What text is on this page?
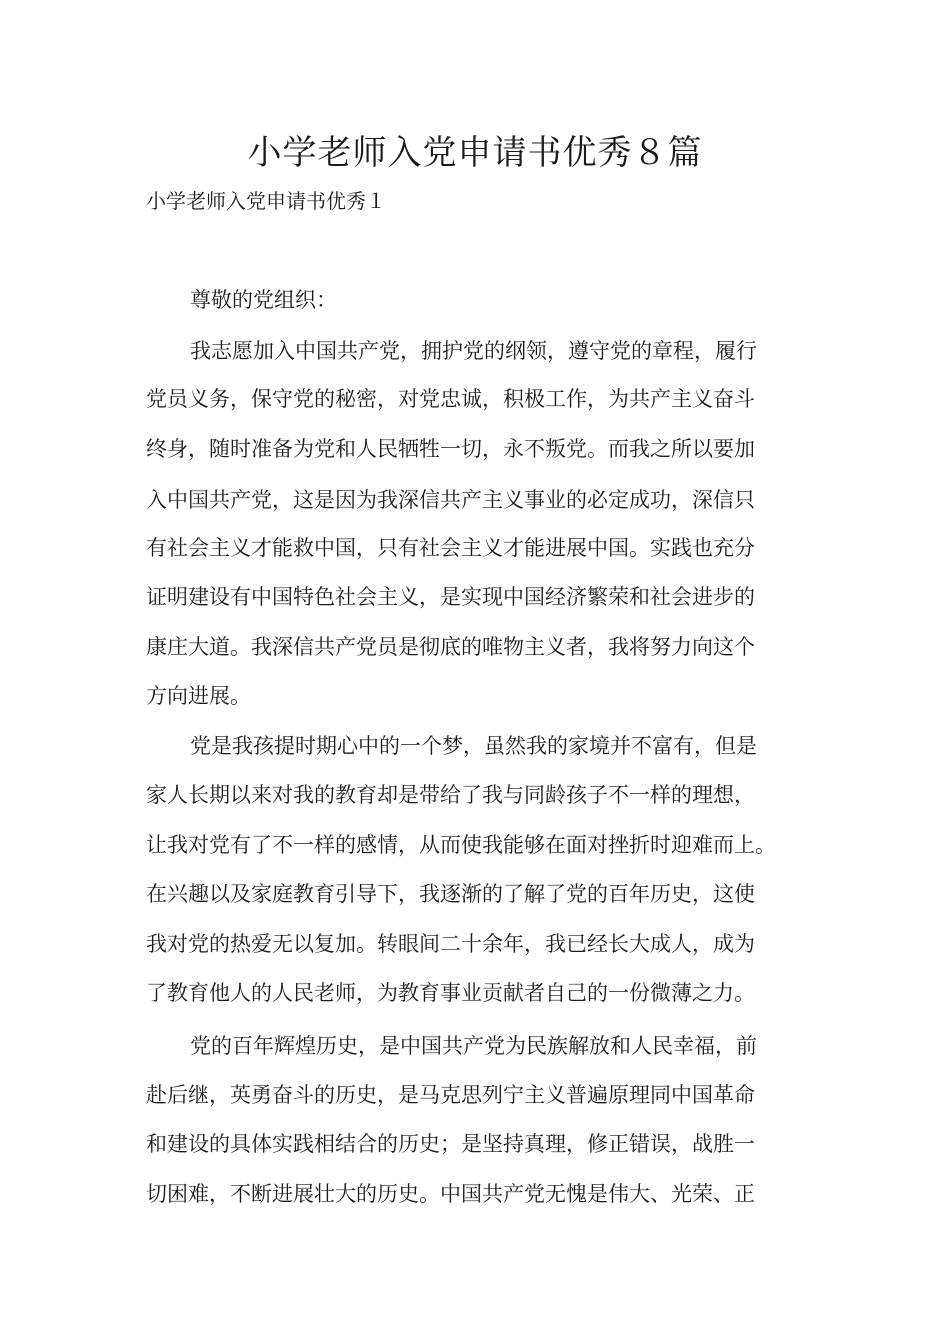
小学老师入党申请书优秀８篇

小学老师入党申请书优秀１

尊敬的党组织：

我志愿加入中国共产党，拥护党的纲领，遵守党的章程，履行

党员义务，保守党的秘密，对党忠诚，积极工作，为共产主义奋斗

终身，随时准备为党和人民牺牲一切，永不叛党。而我之所以要加

入中国共产党，这是因为我深信共产主义事业的必定成功，深信只

有社会主义才能救中国，只有社会主义才能进展中国。实践也充分

证明建设有中国特色社会主义，是实现中国经济繁荣和社会进步的

康庄大道。我深信共产党员是彻底的唯物主义者，我将努力向这个

方向进展。

党是我孩提时期心中的一个梦，虽然我的家境并不富有，但是

家人长期以来对我的教育却是带给了我与同龄孩子不一样的理想，

让我对党有了不一样的感情，从而使我能够在面对挫折时迎难而上。

在兴趣以及家庭教育引导下，我逐渐的了解了党的百年历史，这使

我对党的热爱无以复加。转眼间二十余年，我已经长大成人，成为

了教育他人的人民老师，为教育事业贡献者自己的一份微薄之力。

党的百年辉煌历史，是中国共产党为民族解放和人民幸福，前

赴后继，英勇奋斗的历史，是马克思列宁主义普遍原理同中国革命

和建设的具体实践相结合的历史；是坚持真理，修正错误，战胜一

切困难，不断进展壮大的历史。中国共产党无愧是伟大、光荣、正
